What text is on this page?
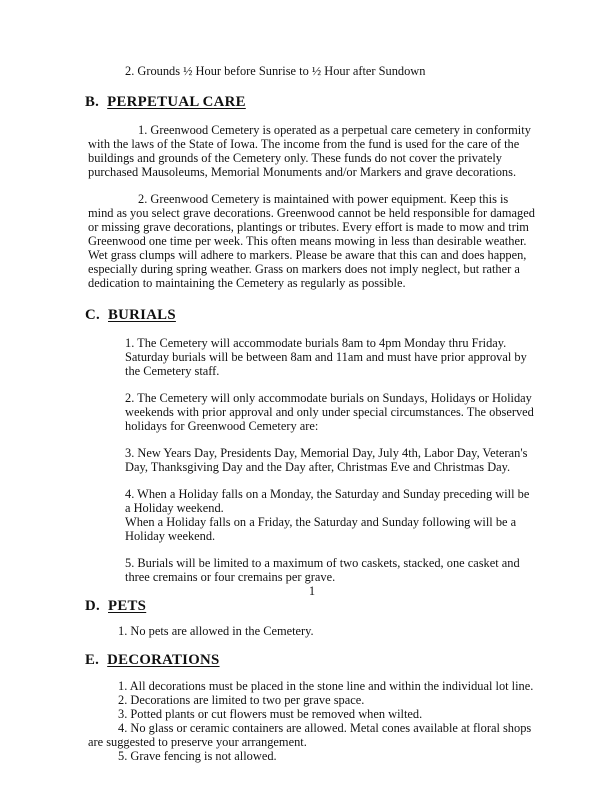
2. Grounds ½ Hour before Sunrise to ½ Hour after Sundown
B. PERPETUAL CARE
1. Greenwood Cemetery is operated as a perpetual care cemetery in conformity with the laws of the State of Iowa. The income from the fund is used for the care of the buildings and grounds of the Cemetery only. These funds do not cover the privately purchased Mausoleums, Memorial Monuments and/or Markers and grave decorations.
2. Greenwood Cemetery is maintained with power equipment. Keep this is mind as you select grave decorations. Greenwood cannot be held responsible for damaged or missing grave decorations, plantings or tributes. Every effort is made to mow and trim Greenwood one time per week. This often means mowing in less than desirable weather. Wet grass clumps will adhere to markers. Please be aware that this can and does happen, especially during spring weather. Grass on markers does not imply neglect, but rather a dedication to maintaining the Cemetery as regularly as possible.
C. BURIALS
1. The Cemetery will accommodate burials 8am to 4pm Monday thru Friday. Saturday burials will be between 8am and 11am and must have prior approval by the Cemetery staff.
2. The Cemetery will only accommodate burials on Sundays, Holidays or Holiday weekends with prior approval and only under special circumstances. The observed holidays for Greenwood Cemetery are:
3. New Years Day, Presidents Day, Memorial Day, July 4th, Labor Day, Veteran's Day, Thanksgiving Day and the Day after, Christmas Eve and Christmas Day.
4. When a Holiday falls on a Monday, the Saturday and Sunday preceding will be a Holiday weekend.
When a Holiday falls on a Friday, the Saturday and Sunday following will be a Holiday weekend.
5. Burials will be limited to a maximum of two caskets, stacked, one casket and three cremains or four cremains per grave.
1
D. PETS
1. No pets are allowed in the Cemetery.
E. DECORATIONS
1. All decorations must be placed in the stone line and within the individual lot line.
2. Decorations are limited to two per grave space.
3. Potted plants or cut flowers must be removed when wilted.
4. No glass or ceramic containers are allowed. Metal cones available at floral shops are suggested to preserve your arrangement.
5. Grave fencing is not allowed.
